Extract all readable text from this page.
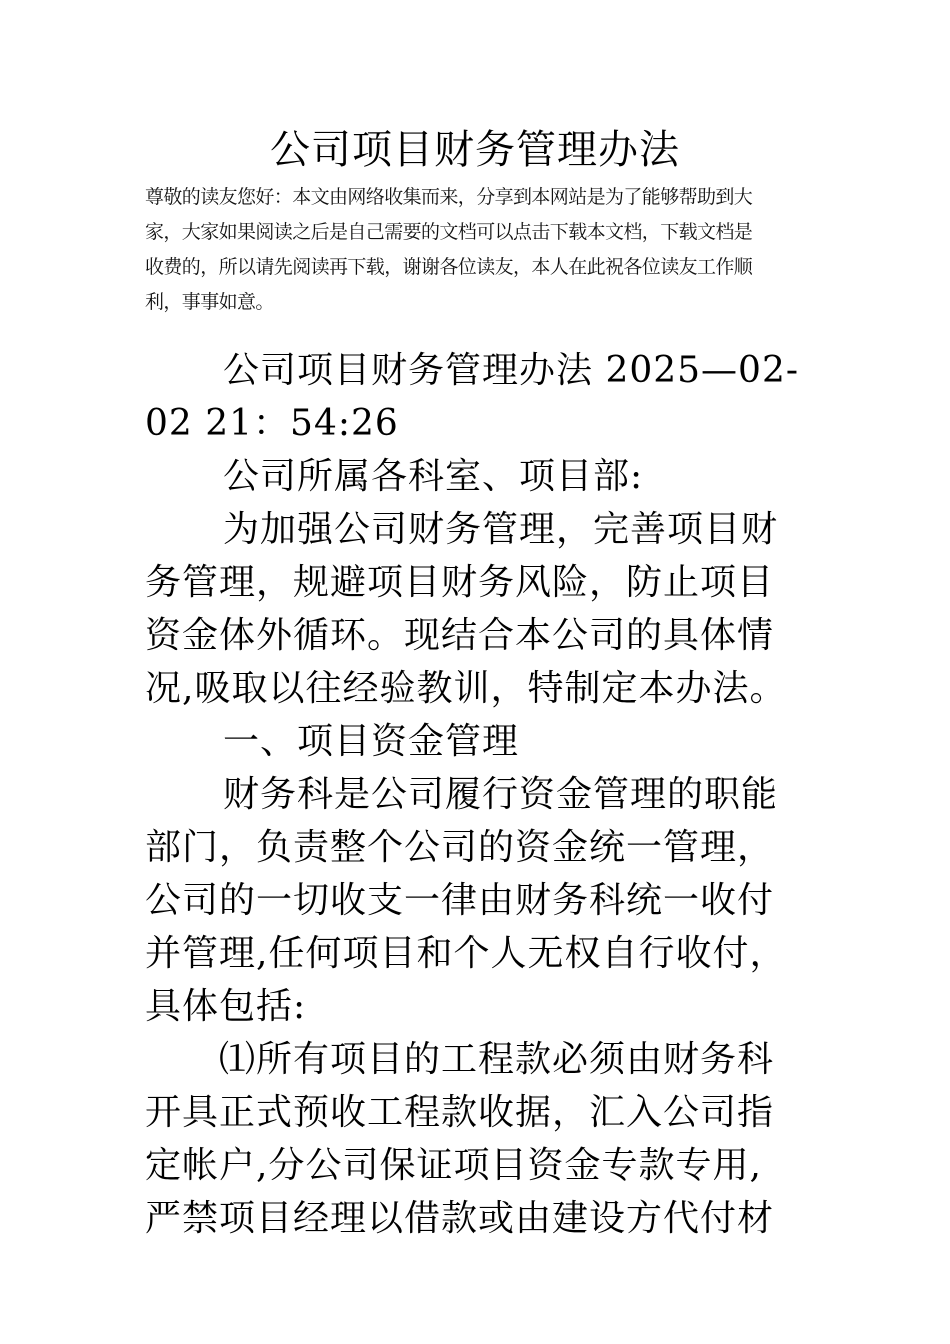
公司项目财务管理办法
尊敬的读友您好：本文由网络收集而来，分享到本网站是为了能够帮助到大
家，大家如果阅读之后是自己需要的文档可以点击下载本文档，下载文档是
收费的，所以请先阅读再下载，谢谢各位读友，本人在此祝各位读友工作顺
利，事事如意。
公司项目财务管理办法 2025—02-
02 21：54:26
公司所属各科室、项目部:
为加强公司财务管理，完善项目财
务管理，规避项目财务风险，防止项目
资金体外循环。现结合本公司的具体情
况,吸取以往经验教训，特制定本办法。
一、项目资金管理
财务科是公司履行资金管理的职能
部门，负责整个公司的资金统一管理，
公司的一切收支一律由财务科统一收付
并管理,任何项目和个人无权自行收付，
具体包括:
⑴所有项目的工程款必须由财务科
开具正式预收工程款收据，汇入公司指
定帐户,分公司保证项目资金专款专用,
严禁项目经理以借款或由建设方代付材
